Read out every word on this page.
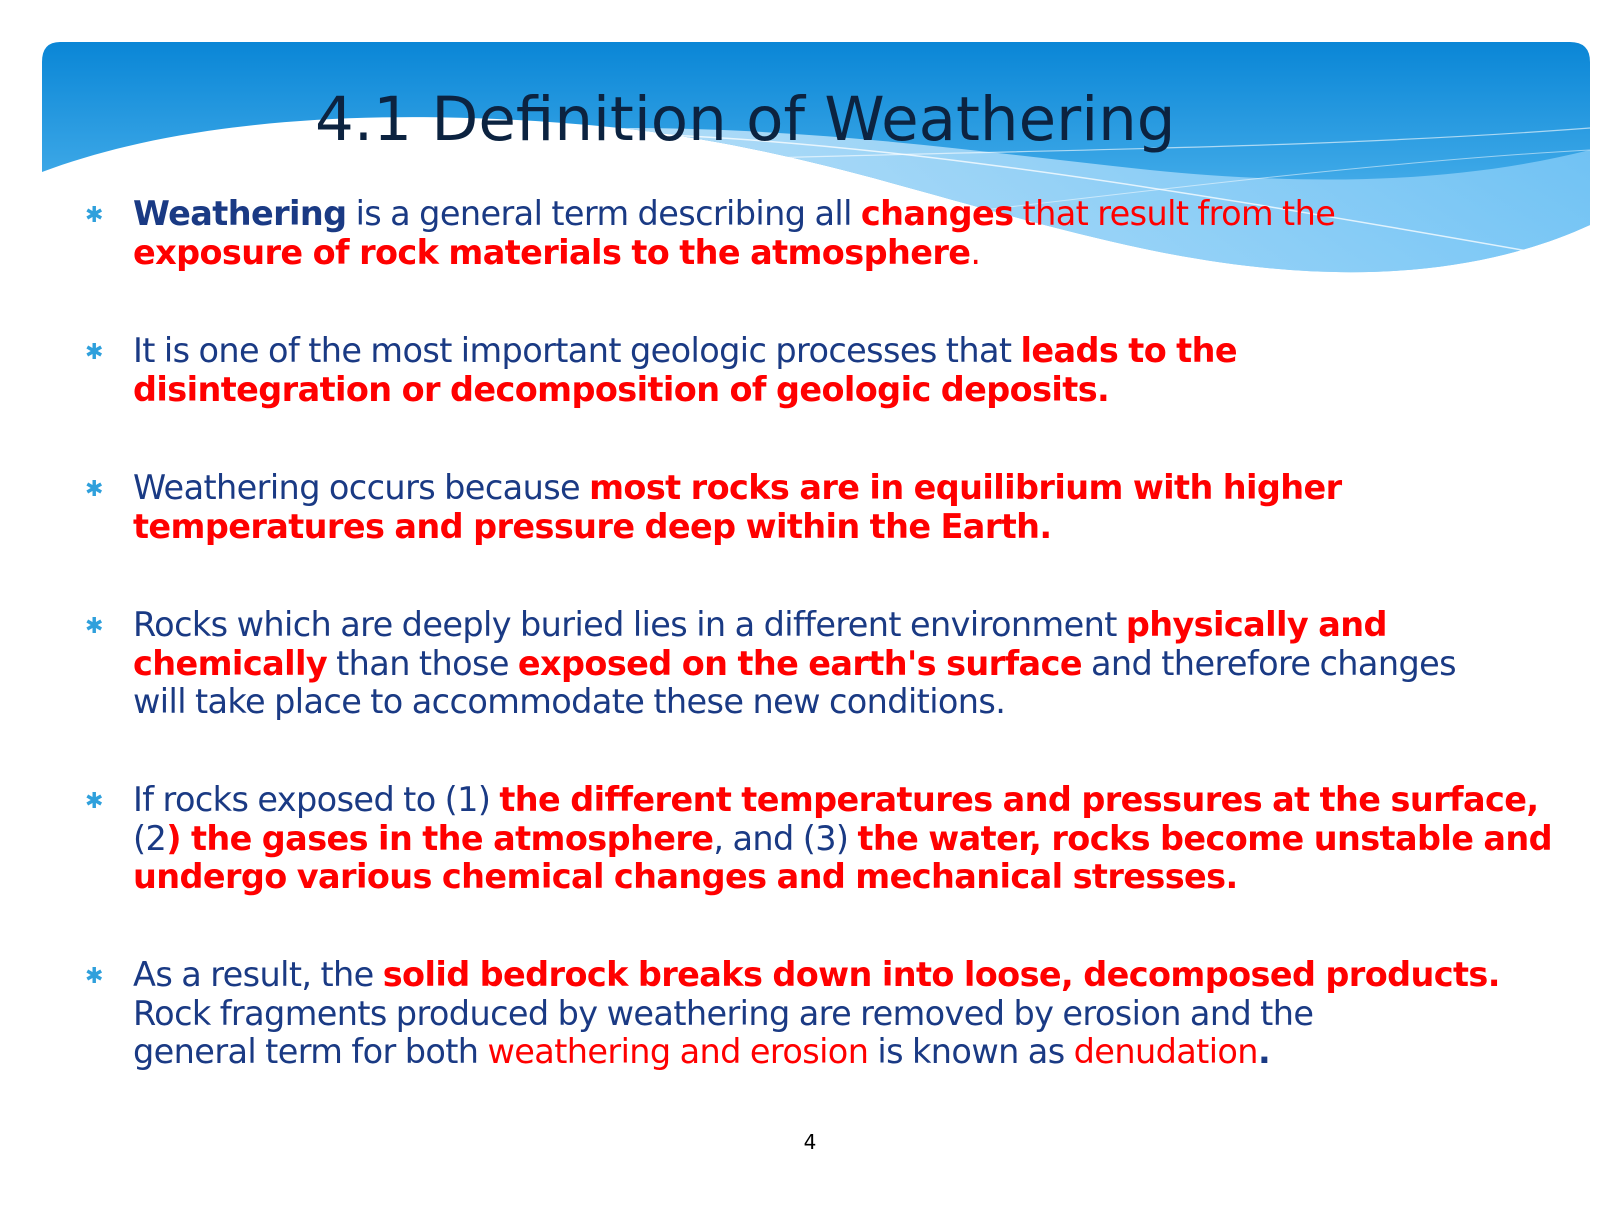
4.1 Definition of Weathering
✱ Weathering is a general term describing all changes that result from the
exposure of rock materials to the atmosphere.
✱ It is one of the most important geologic processes that leads to the
disintegration or decomposition of geologic deposits.
✱ Weathering occurs because most rocks are in equilibrium with higher
temperatures and pressure deep within the Earth.
✱ Rocks which are deeply buried lies in a different environment physically and
chemically than those exposed on the earth's surface and therefore changes
will take place to accommodate these new conditions.
✱ If rocks exposed to (1) the different temperatures and pressures at the surface,
(2) the gases in the atmosphere, and (3) the water, rocks become unstable and
undergo various chemical changes and mechanical stresses.
✱ As a result, the solid bedrock breaks down into loose, decomposed products.
Rock fragments produced by weathering are removed by erosion and the
general term for both weathering and erosion is known as denudation.
4
